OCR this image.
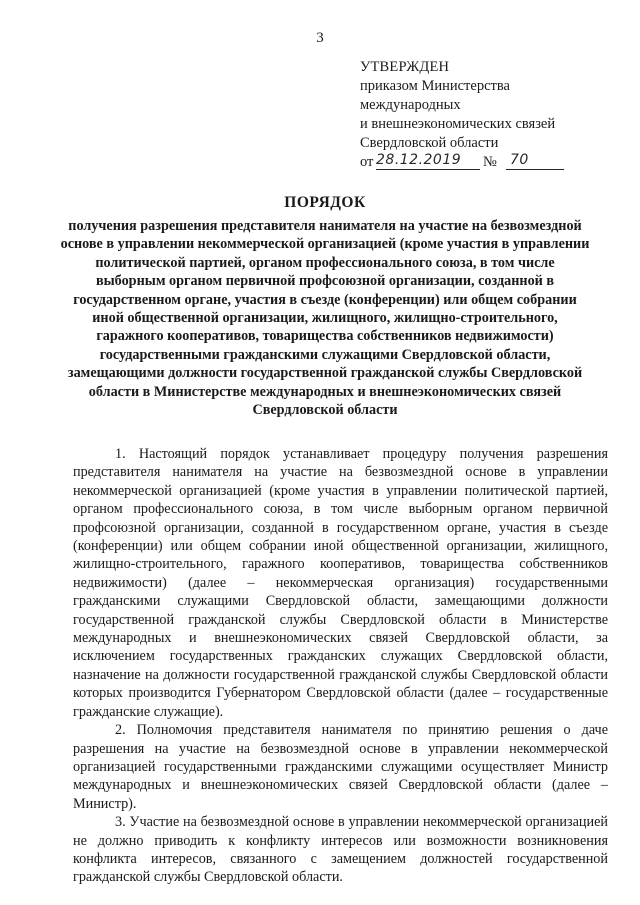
3
УТВЕРЖДЕН
приказом Министерства
международных
и внешнеэкономических связей
Свердловской области
от 28.12.2019 № 70
ПОРЯДОК
получения разрешения представителя нанимателя на участие на безвозмездной основе в управлении некоммерческой организацией (кроме участия в управлении политической партией, органом профессионального союза, в том числе выборным органом первичной профсоюзной организации, созданной в государственном органе, участия в съезде (конференции) или общем собрании иной общественной организации, жилищного, жилищно-строительного, гаражного кооперативов, товарищества собственников недвижимости) государственными гражданскими служащими Свердловской области, замещающими должности государственной гражданской службы Свердловской области в Министерстве международных и внешнеэкономических связей Свердловской области

1. Настоящий порядок устанавливает процедуру получения разрешения представителя нанимателя на участие на безвозмездной основе в управлении некоммерческой организацией (кроме участия в управлении политической партией, органом профессионального союза, в том числе выборным органом первичной профсоюзной организации, созданной в государственном органе, участия в съезде (конференции) или общем собрании иной общественной организации, жилищного, жилищно-строительного, гаражного кооперативов, товарищества собственников недвижимости) (далее – некоммерческая организация) государственными гражданскими служащими Свердловской области, замещающими должности государственной гражданской службы Свердловской области в Министерстве международных и внешнеэкономических связей Свердловской области, за исключением государственных гражданских служащих Свердловской области, назначение на должности государственной гражданской службы Свердловской области которых производится Губернатором Свердловской области (далее – государственные гражданские служащие).

2. Полномочия представителя нанимателя по принятию решения о даче разрешения на участие на безвозмездной основе в управлении некоммерческой организацией государственными гражданскими служащими осуществляет Министр международных и внешнеэкономических связей Свердловской области (далее – Министр).

3. Участие на безвозмездной основе в управлении некоммерческой организацией не должно приводить к конфликту интересов или возможности возникновения конфликта интересов, связанного с замещением должностей государственной гражданской службы Свердловской области.
